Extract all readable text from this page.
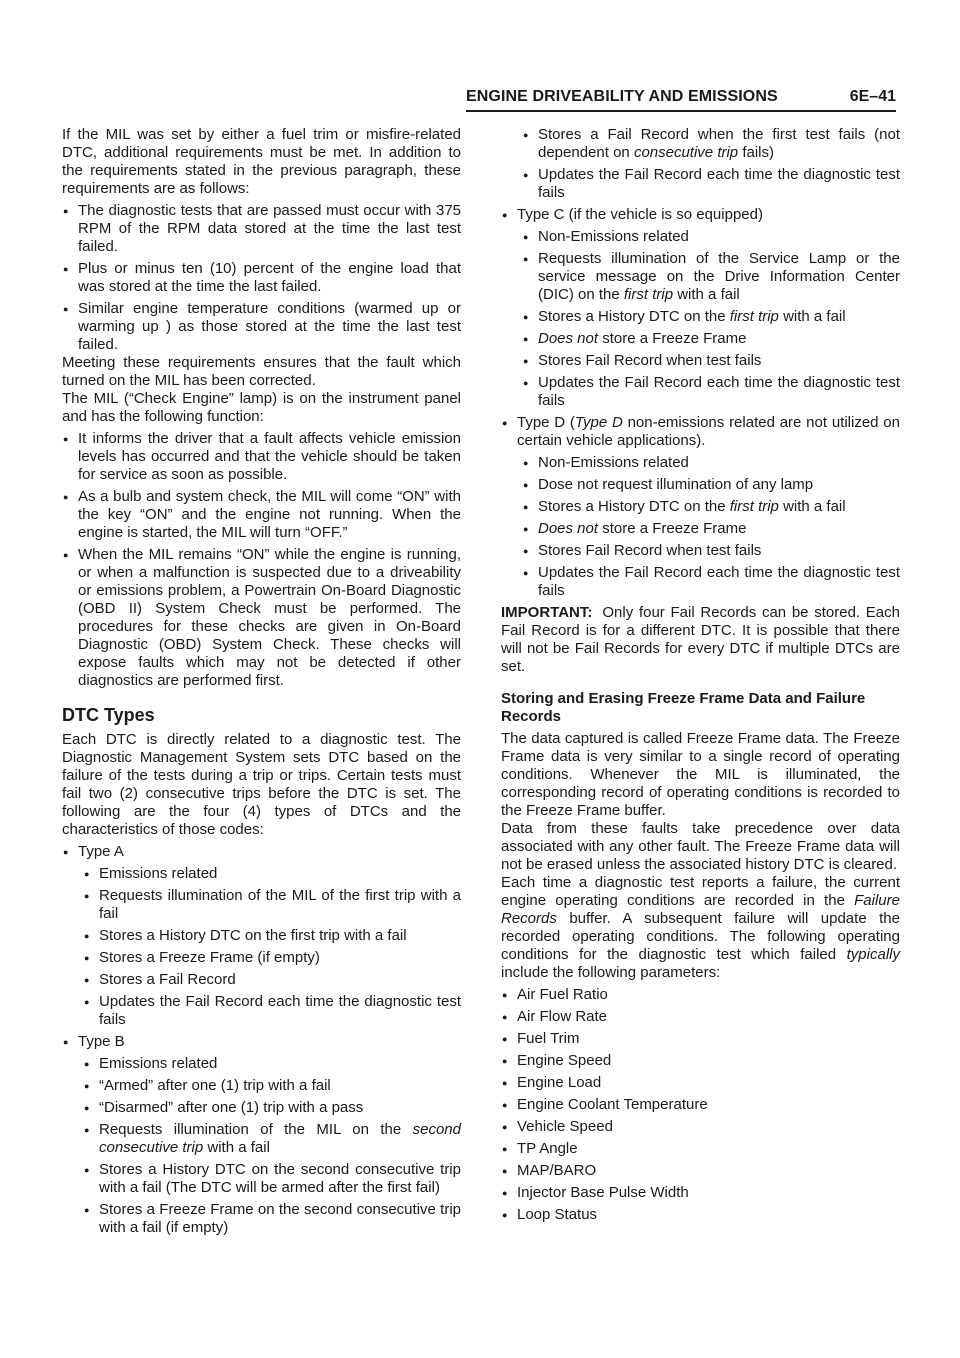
ENGINE DRIVEABILITY AND EMISSIONS	6E–41

If the MIL was set by either a fuel trim or misfire-related DTC, additional requirements must be met. In addition to the requirements stated in the previous paragraph, these requirements are as follows:

● The diagnostic tests that are passed must occur with 375 RPM of the RPM data stored at the time the last test failed.
● Plus or minus ten (10) percent of the engine load that was stored at the time the last failed.
● Similar engine temperature conditions (warmed up or warming up ) as those stored at the time the last test failed.

Meeting these requirements ensures that the fault which turned on the MIL has been corrected.

The MIL (“Check Engine” lamp) is on the instrument panel and has the following function:

● It informs the driver that a fault affects vehicle emission levels has occurred and that the vehicle should be taken for service as soon as possible.
● As a bulb and system check, the MIL will come “ON” with the key “ON” and the engine not running. When the engine is started, the MIL will turn “OFF.”
● When the MIL remains “ON” while the engine is running, or when a malfunction is suspected due to a driveability or emissions problem, a Powertrain On-Board Diagnostic (OBD II) System Check must be performed. The procedures for these checks are given in On-Board Diagnostic (OBD) System Check. These checks will expose faults which may not be detected if other diagnostics are performed first.
DTC Types

Each DTC is directly related to a diagnostic test. The Diagnostic Management System sets DTC based on the failure of the tests during a trip or trips. Certain tests must fail two (2) consecutive trips before the DTC is set. The following are the four (4) types of DTCs and the characteristics of those codes:

● Type A
● Emissions related
● Requests illumination of the MIL of the first trip with a fail
● Stores a History DTC on the first trip with a fail
● Stores a Freeze Frame (if empty)
● Stores a Fail Record
● Updates the Fail Record each time the diagnostic test fails
● Type B
● Emissions related
● “Armed” after one (1) trip with a fail
● “Disarmed” after one (1) trip with a pass
● Requests illumination of the MIL on the second consecutive trip with a fail
● Stores a History DTC on the second consecutive trip with a fail (The DTC will be armed after the first fail)
● Stores a Freeze Frame on the second consecutive trip with a fail (if empty)
● Stores a Fail Record when the first test fails (not dependent on consecutive trip fails)
● Updates the Fail Record each time the diagnostic test fails
● Type C (if the vehicle is so equipped)
● Non-Emissions related
● Requests illumination of the Service Lamp or the service message on the Drive Information Center (DIC) on the first trip with a fail
● Stores a History DTC on the first trip with a fail
● Does not store a Freeze Frame
● Stores Fail Record when test fails
● Updates the Fail Record each time the diagnostic test fails
● Type D (Type D non-emissions related are not utilized on certain vehicle applications).
● Non-Emissions related
● Dose not request illumination of any lamp
● Stores a History DTC on the first trip with a fail
● Does not store a Freeze Frame
● Stores Fail Record when test fails
● Updates the Fail Record each time the diagnostic test fails

IMPORTANT: Only four Fail Records can be stored. Each Fail Record is for a different DTC. It is possible that there will not be Fail Records for every DTC if multiple DTCs are set.

Storing and Erasing Freeze Frame Data and Failure Records

The data captured is called Freeze Frame data. The Freeze Frame data is very similar to a single record of operating conditions. Whenever the MIL is illuminated, the corresponding record of operating conditions is recorded to the Freeze Frame buffer.

Data from these faults take precedence over data associated with any other fault. The Freeze Frame data will not be erased unless the associated history DTC is cleared.

Each time a diagnostic test reports a failure, the current engine operating conditions are recorded in the Failure Records buffer. A subsequent failure will update the recorded operating conditions. The following operating conditions for the diagnostic test which failed typically include the following parameters:

● Air Fuel Ratio
● Air Flow Rate
● Fuel Trim
● Engine Speed
● Engine Load
● Engine Coolant Temperature
● Vehicle Speed
● TP Angle
● MAP/BARO
● Injector Base Pulse Width
● Loop Status
